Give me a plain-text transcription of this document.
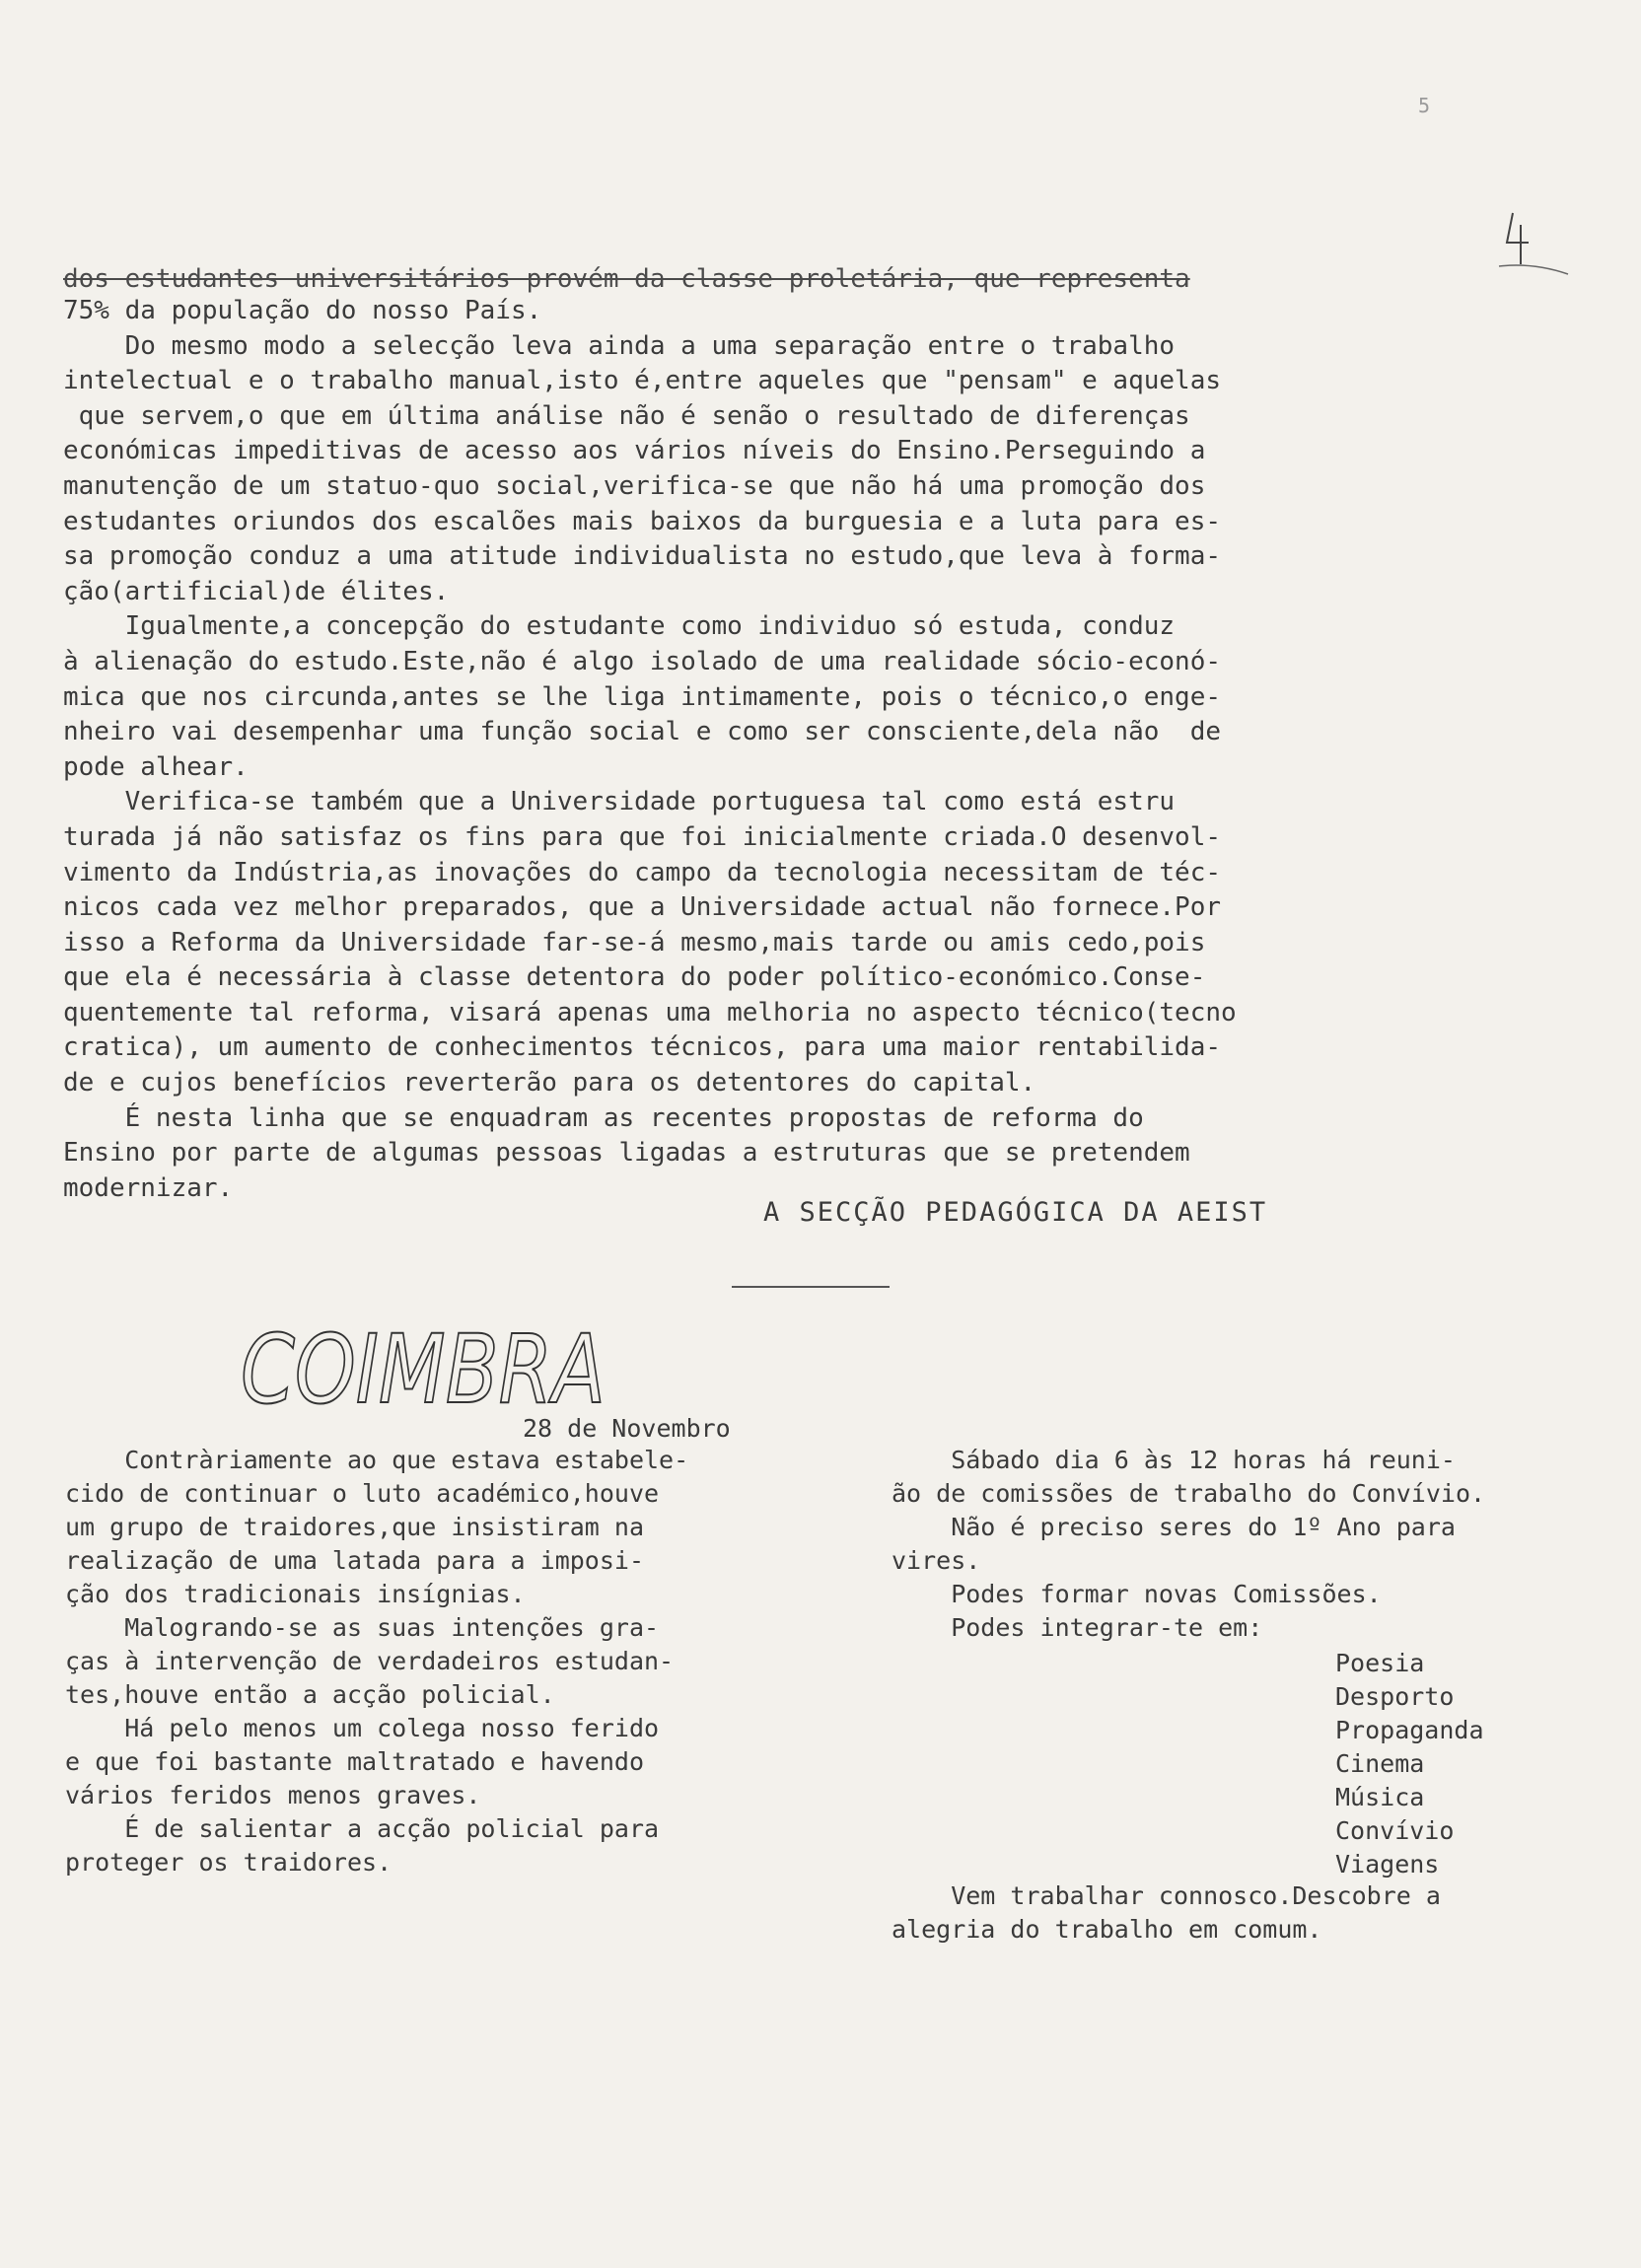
5
dos estudantes universitários provém da classe proletária, que representa

75% da população do nosso País.

Do mesmo modo a selecção leva ainda a uma separação entre o trabalho

intelectual e o trabalho manual,isto é,entre aqueles que "pensam" e aquelas

que servem,o que em última análise não é senão o resultado de diferenças

económicas impeditivas de acesso aos vários níveis do Ensino.Perseguindo a

manutenção de um statuo-quo social,verifica-se que não há uma promoção dos

estudantes oriundos dos escalões mais baixos da burguesia e a luta para es-

sa promoção conduz a uma atitude individualista no estudo,que leva à forma-

ção(artificial)de élites.

Igualmente,a concepção do estudante como individuo só estuda, conduz

à alienação do estudo.Este,não é algo isolado de uma realidade sócio-econó-

mica que nos circunda,antes se lhe liga intimamente, pois o técnico,o enge-

nheiro vai desempenhar uma função social e como ser consciente,dela não  de

pode alhear.

Verifica-se também que a Universidade portuguesa tal como está estru

turada já não satisfaz os fins para que foi inicialmente criada.O desenvol-

vimento da Indústria,as inovações do campo da tecnologia necessitam de téc-

nicos cada vez melhor preparados, que a Universidade actual não fornece.Por

isso a Reforma da Universidade far-se-á mesmo,mais tarde ou amis cedo,pois

que ela é necessária à classe detentora do poder político-económico.Conse-

quentemente tal reforma, visará apenas uma melhoria no aspecto técnico(tecno

cratica), um aumento de conhecimentos técnicos, para uma maior rentabilida-

de e cujos benefícios reverterão para os detentores do capital.

É nesta linha que se enquadram as recentes propostas de reforma do

Ensino por parte de algumas pessoas ligadas a estruturas que se pretendem

modernizar.

A SECÇÃO PEDAGÓGICA DA AEIST
COIMBRA
28 de Novembro

Contràriamente ao que estava estabele-

cido de continuar o luto académico,houve

um grupo de traidores,que insistiram na

realização de uma latada para a imposi-

ção dos tradicionais insígnias.

Malogrando-se as suas intenções gra-

ças à intervenção de verdadeiros estudan-

tes,houve então a acção policial.

Há pelo menos um colega nosso ferido

e que foi bastante maltratado e havendo

vários feridos menos graves.

É de salientar a acção policial para

proteger os traidores.

Sábado dia 6 às 12 horas há reuni-

ão de comissões de trabalho do Convívio.

Não é preciso seres do 1º Ano para

vires.

Podes formar novas Comissões.

Podes integrar-te em:

Poesia
Desporto
Propaganda
Cinema
Música
Convívio
Viagens

Vem trabalhar connosco.Descobre a

alegria do trabalho em comum.
